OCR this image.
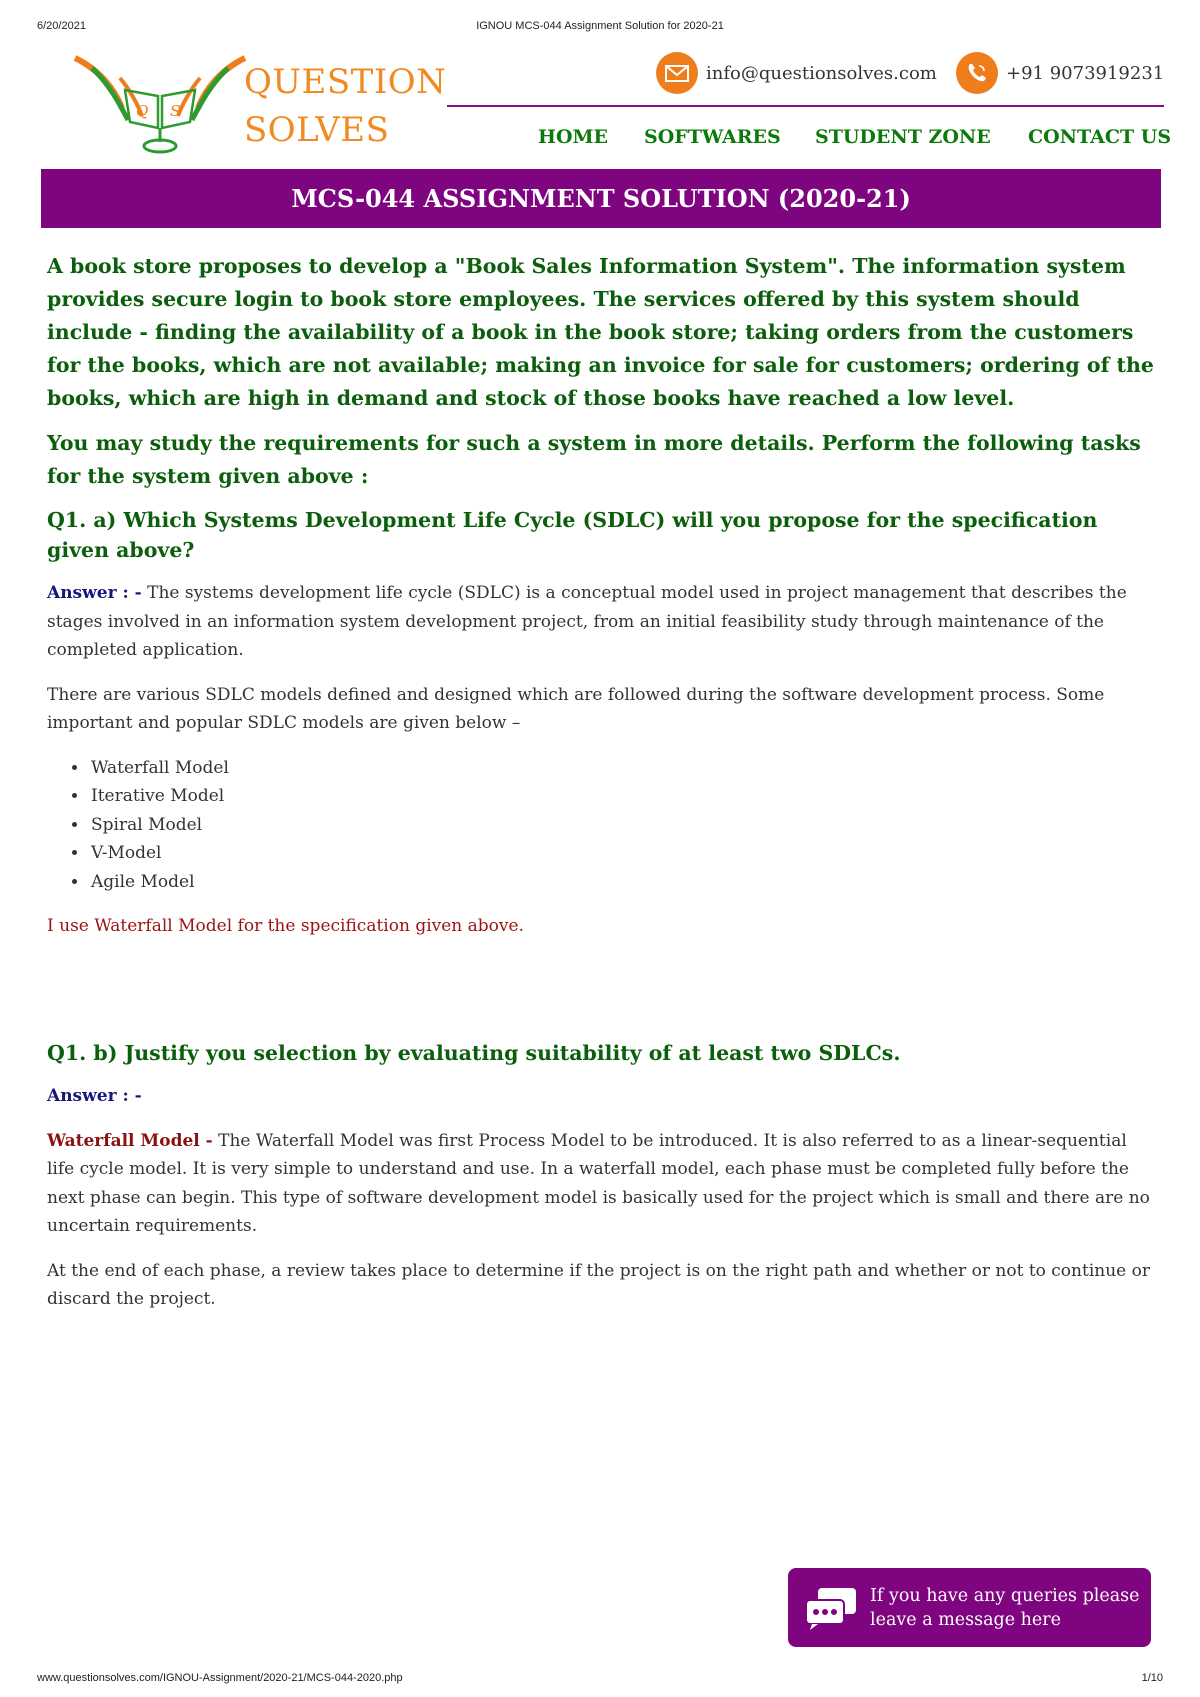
6/20/2021	IGNOU MCS-044 Assignment Solution for 2020-21
Q S
QUESTION
SOLVES
info@questionsolves.com	+91 9073919231
HOME SOFTWARES STUDENT ZONE CONTACT US
MCS-044 ASSIGNMENT SOLUTION (2020-21)

A book store proposes to develop a "Book Sales Information System". The information system provides secure login to book store employees. The services offered by this system should include - finding the availability of a book in the book store; taking orders from the customers for the books, which are not available; making an invoice for sale for customers; ordering of the books, which are high in demand and stock of those books have reached a low level.

You may study the requirements for such a system in more details. Perform the following tasks for the system given above :

Q1. a) Which Systems Development Life Cycle (SDLC) will you propose for the specification given above?

Answer : - The systems development life cycle (SDLC) is a conceptual model used in project management that describes the stages involved in an information system development project, from an initial feasibility study through maintenance of the completed application.

There are various SDLC models defined and designed which are followed during the software development process. Some important and popular SDLC models are given below –

• Waterfall Model
• Iterative Model
• Spiral Model
• V-Model
• Agile Model

I use Waterfall Model for the specification given above.

Q1. b) Justify you selection by evaluating suitability of at least two SDLCs.

Answer : -

Waterfall Model - The Waterfall Model was first Process Model to be introduced. It is also referred to as a linear-sequential life cycle model. It is very simple to understand and use. In a waterfall model, each phase must be completed fully before the next phase can begin. This type of software development model is basically used for the project which is small and there are no uncertain requirements.

At the end of each phase, a review takes place to determine if the project is on the right path and whether or not to continue or discard the project.

If you have any queries please leave a message here
www.questionsolves.com/IGNOU-Assignment/2020-21/MCS-044-2020.php	1/10
